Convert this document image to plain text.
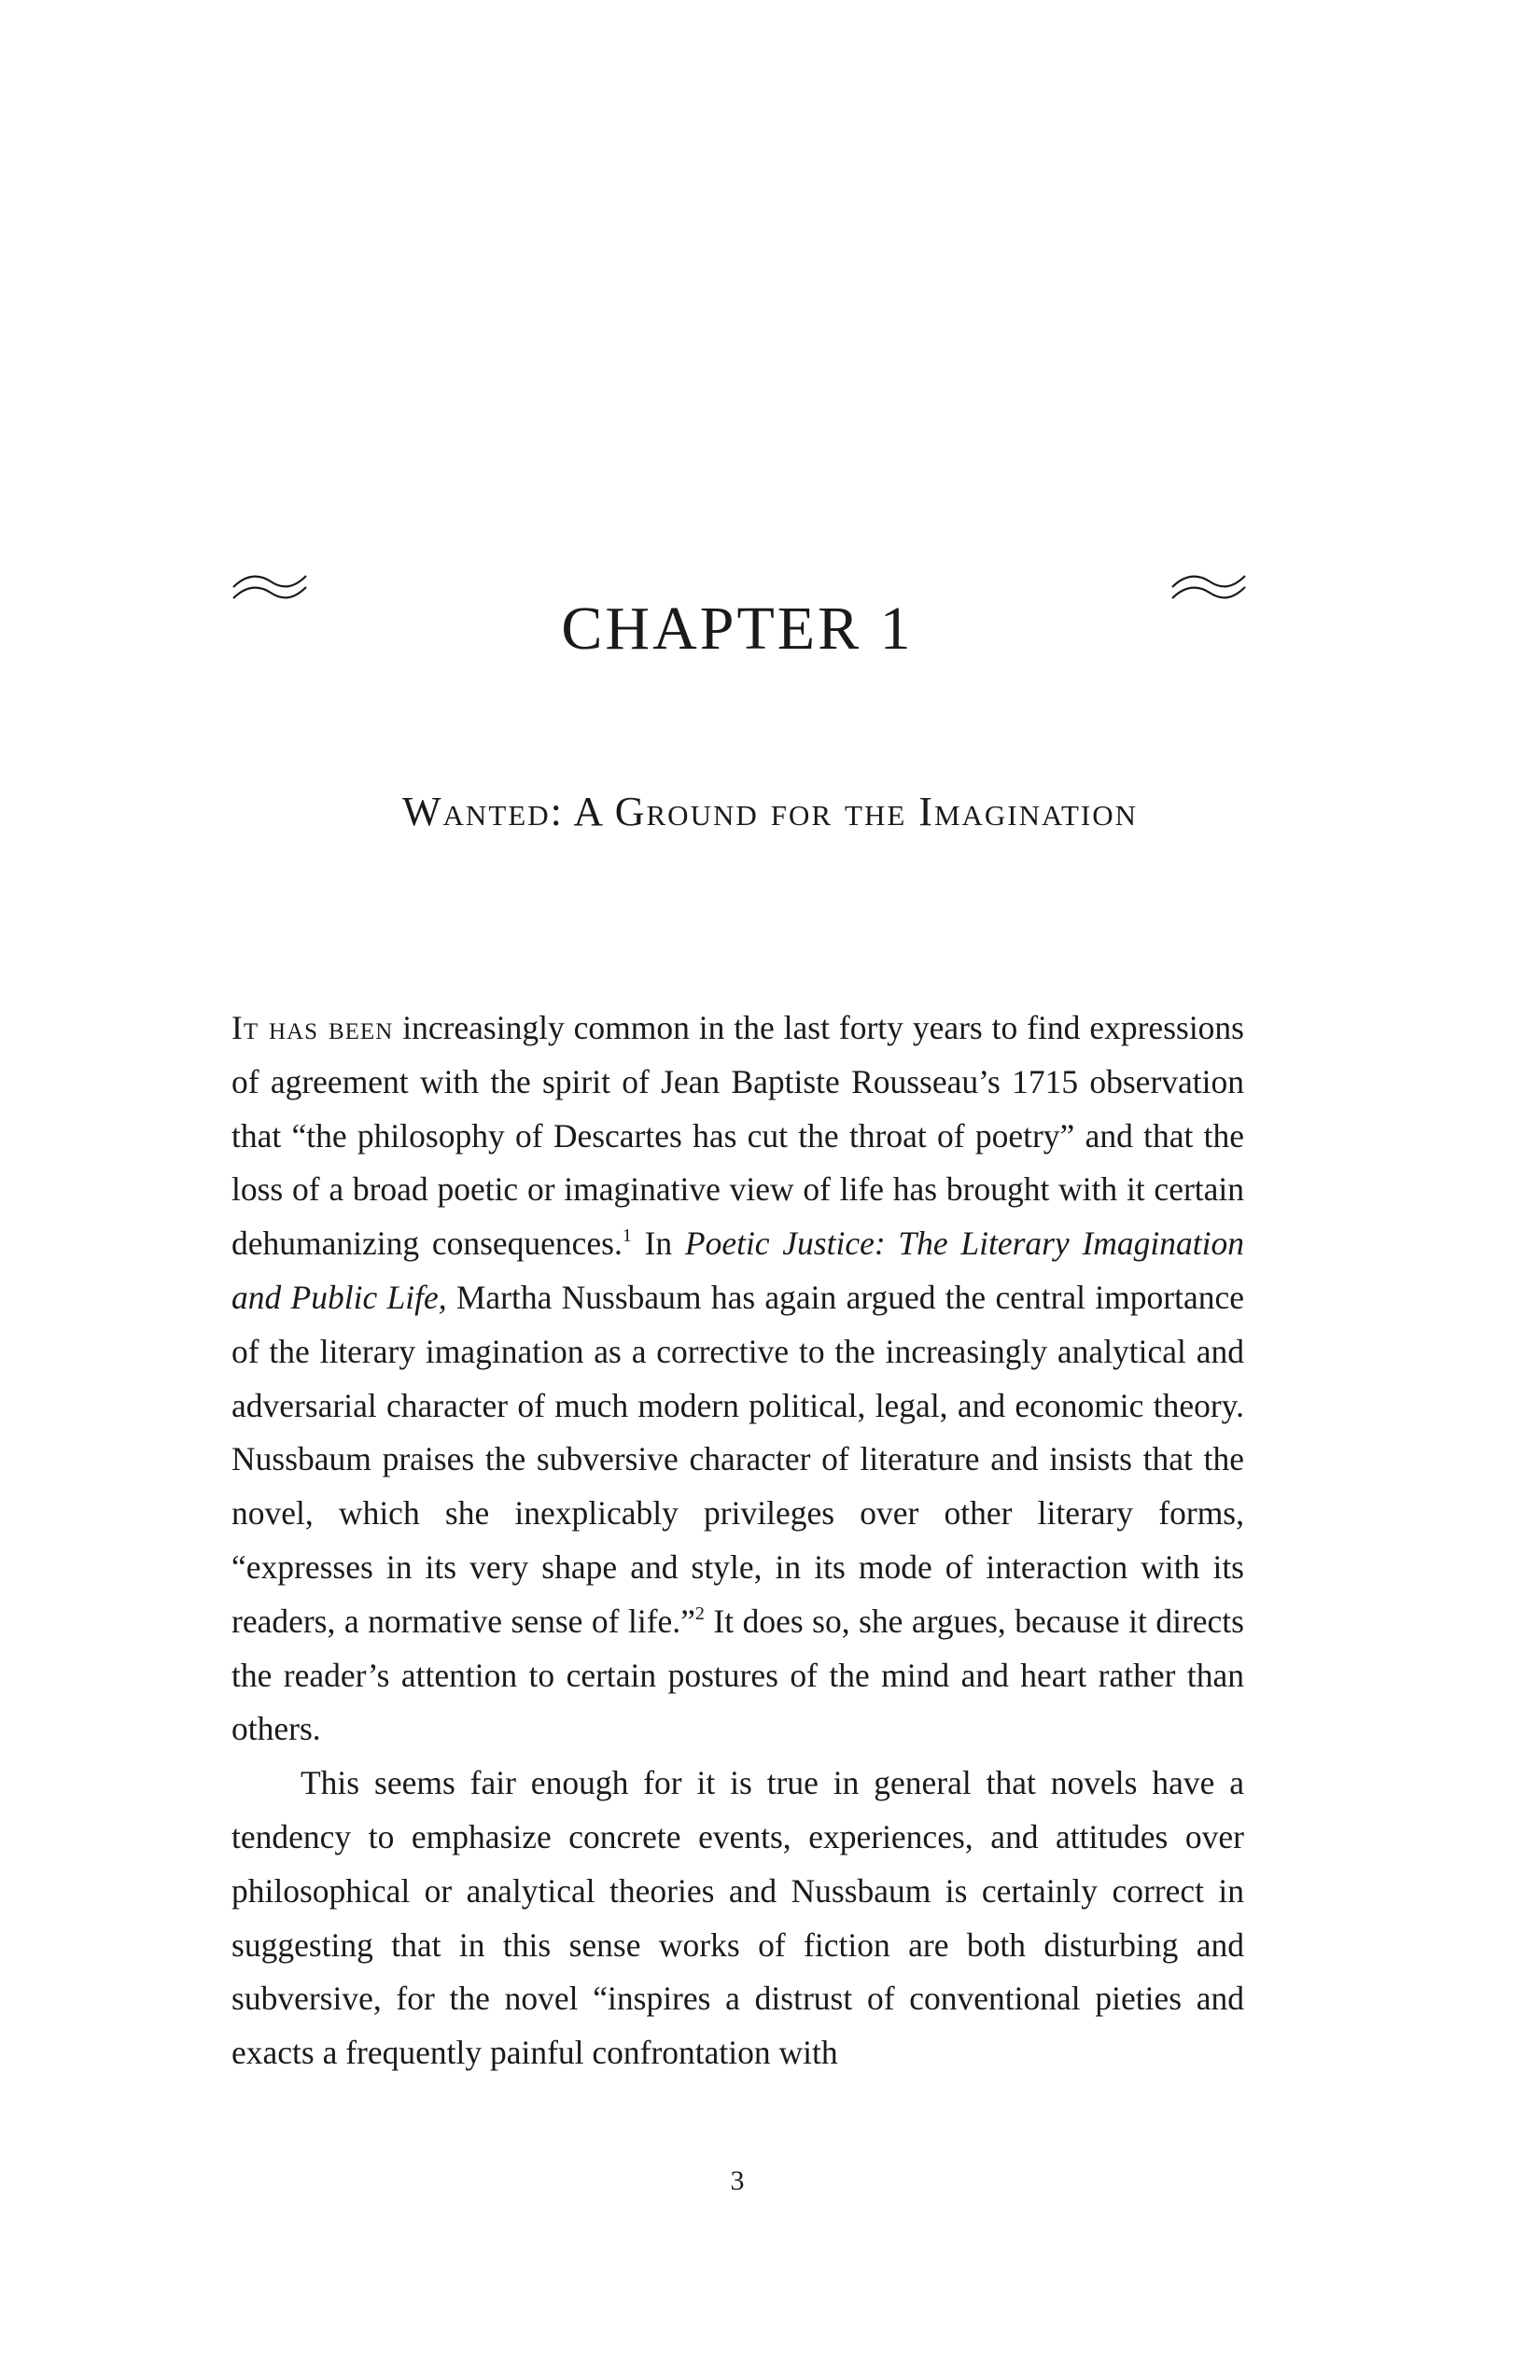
CHAPTER 1
Wanted: A Ground for the Imagination

It has been increasingly common in the last forty years to find expressions of agreement with the spirit of Jean Baptiste Rousseau’s 1715 observation that “the philosophy of Descartes has cut the throat of poetry” and that the loss of a broad poetic or imaginative view of life has brought with it certain dehumanizing consequences.$^1$ In Poetic Justice: The Literary Imagination and Public Life, Martha Nussbaum has again argued the central importance of the literary imagination as a corrective to the increasingly analytical and adversarial character of much modern political, legal, and economic theory. Nussbaum praises the subversive character of literature and insists that the novel, which she inexplicably privileges over other literary forms, “expresses in its very shape and style, in its mode of interaction with its readers, a normative sense of life.”$^2$ It does so, she argues, because it directs the reader’s attention to certain postures of the mind and heart rather than others.

This seems fair enough for it is true in general that novels have a tendency to emphasize concrete events, experiences, and attitudes over philosophical or analytical theories and Nussbaum is certainly correct in suggesting that in this sense works of fiction are both disturbing and subversive, for the novel “inspires a distrust of conventional pieties and exacts a frequently painful confrontation with

3
